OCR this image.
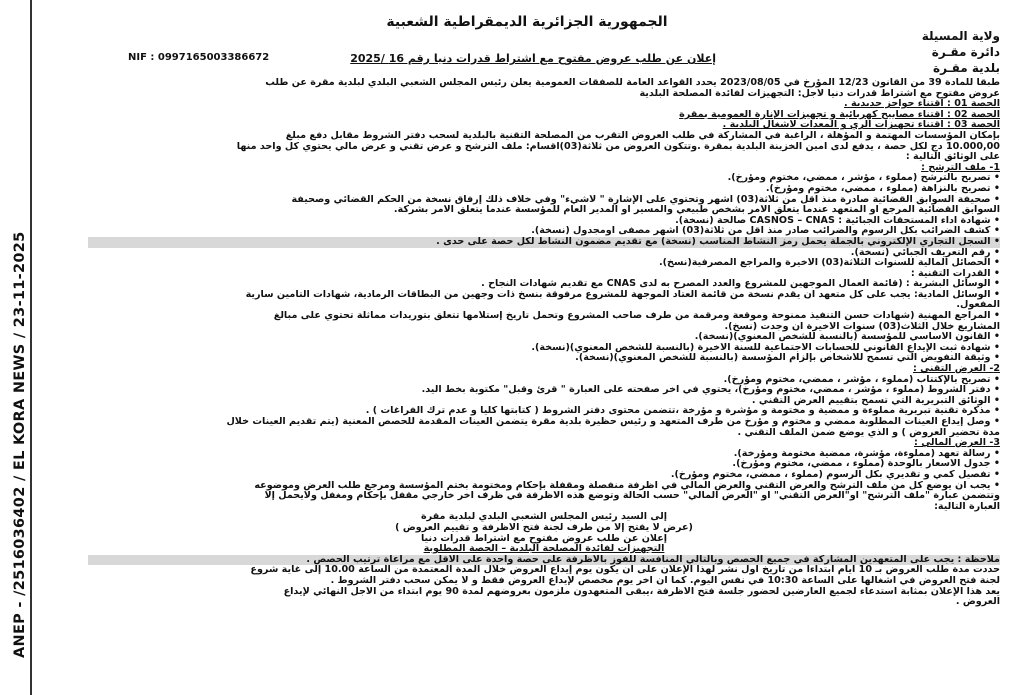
ANEP - /2516036402 / EL KORA NEWS / 23-11-2025
الجمهورية الجزائرية الديمقراطية الشعبية
ولاية المسيلة
دائرة مقـرة
بلدية مقـرة
إعلان عن طلب عروض مفتوح مع اشتراط قدرات دنيا رقم 16 /2025
NIF : 0997165003386672
طبقا للمادة 39 من القانون 12/23 المؤرخ في 2023/08/05 يحدد القواعد العامة للصفقات العمومية يعلن رئيس المجلس الشعبي البلدي لبلدية مقرة عن طلب
عروض مفتوح مع اشتراط قدرات دنيا لأجل: التجهيزات لفائدة المصلحة البلدية
الحصة 01 : اقتناء حواجز حديدية .
الحصة 02 : اقتناء مصابيح كهربائية و تجهيزات الإنارة العمومية بمقرة
الحصة 03 : اقتناء تجهيزات الري و المعدات لأشغال البلدية .
بإمكان المؤسسات المهتمة و المؤهلة ، الراغبة في المشاركة في طلب العروض التقرب من المصلحة التقنية بالبلدية لسحب دفتر الشروط مقابل دفع مبلغ
10.000,00 دج لكل حصة ، يدفع لدى أمين الخزينة البلدية بمقرة .وتتكون العروض من ثلاثة(03)أقسام: ملف الترشح و عرض تقني و عرض مالي يحتوي كل واحد منها
على الوثائق التالية :
1- ملف الترشح :
• تصريح بالترشح (مملوء ، مؤشر ، ممضي، مختوم ومؤرخ).
• تصريح بالنزاهة (مملوء ، ممضي، مختوم ومؤرخ).
• صحيفة السوابق القضائية صادرة منذ أقل من ثلاثة(03) أشهر وتحتوي على الإشارة " لاشيء" وفي خلاف ذلك إرفاق نسخة من الحكم القضائي وصحيفة
السوابق القضائية المرجع أو المتعهد عندما يتعلق الأمر بشخص طبيعي والمسير أو المدير العام للمؤسسة عندما يتعلق الأمر بشركة.
• شهادة أداء المستحقات الجبائية : CASNOS – CNAS صالحة (نسخة).
• كشف الضرائب بكل الرسوم والضرائب صادر منذ أقل من ثلاثة(03) أشهر مصفى أومجدول (نسخة).
• السجل التجاري الإلكتروني بالجملة يحمل رمز النشاط المناسب (نسخة) مع تقديم مضمون النشاط لكل حصة على حدى .
• رقم التعريف الجبائي (نسخة).
• الحصائل المالية للسنوات الثلاثة(03) الأخيرة والمراجع المصرفية(نسخ).
• القدرات التقنية :
• الوسائل البشرية : (قائمة العمال الموجهين للمشروع والعدد المصرح به لدى CNAS مع تقديم شهادات النجاح .
• الوسائل المادية: يجب على كل متعهد أن يقدم نسخة من قائمة العتاد الموجهة للمشروع مرفوقة بنسخ ذات وجهين من البطاقات الرمادية، شهادات التأمين سارية
المفعول.
• المراجع المهنية (شهادات حسن التنفيذ ممنوحة وموقعة ومرقمة من طرف صاحب المشروع وتحمل تاريخ إستلامها تتعلق بتوريدات مماثلة تحتوي على مبالغ
المشاريع خلال الثلاث(03) سنوات الأخيرة أن وجدت (نسخ).
• القانون الأساسي للمؤسسة (بالنسبة للشخص المعنوي)(نسخة).
• شهادة ثبت الإيداع القانوني للحسابات الاجتماعية للسنة الأخيرة (بالنسبة للشخص المعنوي)(نسخة).
• وثيقة التفويض التي تسمح للأشخاص بإلزام المؤسسة (بالنسبة للشخص المعنوي)(نسخة).
2- العرض التقني :
• تصريح بالإكتتاب (مملوء ، مؤشر ، ممضي، مختوم ومؤرخ).
• دفتر الشروط (مملوء ، مؤشر ، ممضي، مختوم ومؤرخ)، يحتوي في آخر صفحته على العبارة " قرئ وقبل" مكتوبة بخط اليد.
• الوثائق التبريرية التي تسمح بتقييم العرض التقني .
• مذكرة تقنية تبريرية مملوءة و ممضية و مختومة و مؤشرة و مؤرخة ،تتضمن محتوى دفتر الشروط ( كتابتها كليا و عدم ترك الفراغات ) .
• وصل إيداع العينات المطلوبة ممضي و مختوم و مؤرخ من طرف المتعهد و رئيس حظيرة بلدية مقرة يتضمن العينات المقدمة للحصص المعنية (يتم تقديم العينات خلال
مدة تحضير العروض ) و الذي يوضع ضمن الملف التقني .
3- العرض المالي :
• رسالة تعهد (مملوءة، مؤشرة، ممضية مختومة ومؤرخة).
• جدول الأسعار بالوحدة (مملوء ، ممضي، مختوم ومؤرخ).
• تفصيل كمي و تقديري بكل الرسوم (مملوء ، ممضي، مختوم ومؤرخ).
• يجب أن يوضع كل من ملف الترشح والعرض التقني والعرض المالي في أظرفة منفصلة ومقفلة بإحكام ومختومة بختم المؤسسة ومرجع طلب العرض وموضوعه
وتتضمن عبارة "ملف الترشح" أو"العرض التقني" أو "العرض المالي" حسب الحالة وتوضع هذه الأظرفة في ظرف آخر خارجي مقفل بإحكام ومغفل ولايحمل إلا
العبارة التالية:
إلى السيد رئيس المجلس الشعبي البلدي لبلدية مقرة
(عرض لا يفتح إلا من طرف لجنة فتح الأظرفة و تقييم العروض )
إعلان عن طلب عروض مفتوح مع اشتراط قدرات دنيا
التجهيزات لفائدة المصلحة البلدية – الحصة المطلوبة
ملاحظة : يجب على المتعهدين المشاركة في جميع الحصص وبالتالي المنافسة للفوز بالأظرفة على حصة واحدة على الأقل مع مراعاة ترتيب الحصص .
حددت مدة طلب العروض بـ 10 أيام ابتداءا من تاريخ أول نشر لهذا الإعلان على أن يكون يوم إيداع العروض خلال المدة المعتمدة من الساعة 10.00 إلى غاية شروع
لجنة فتح العروض في أشغالها على الساعة 10:30 في نفس اليوم. كما أن آخر يوم مخصص لإيداع العروض فقط و لا يمكن سحب دفتر الشروط .
يعد هذا الإعلان بمثابة استدعاء لجميع العارضين لحضور جلسة فتح الأظرفة ،يبقى المتعهدون ملزمون بعروضهم لمدة 90 يوم ابتداء من الأجل النهائي لإيداع
العروض .
